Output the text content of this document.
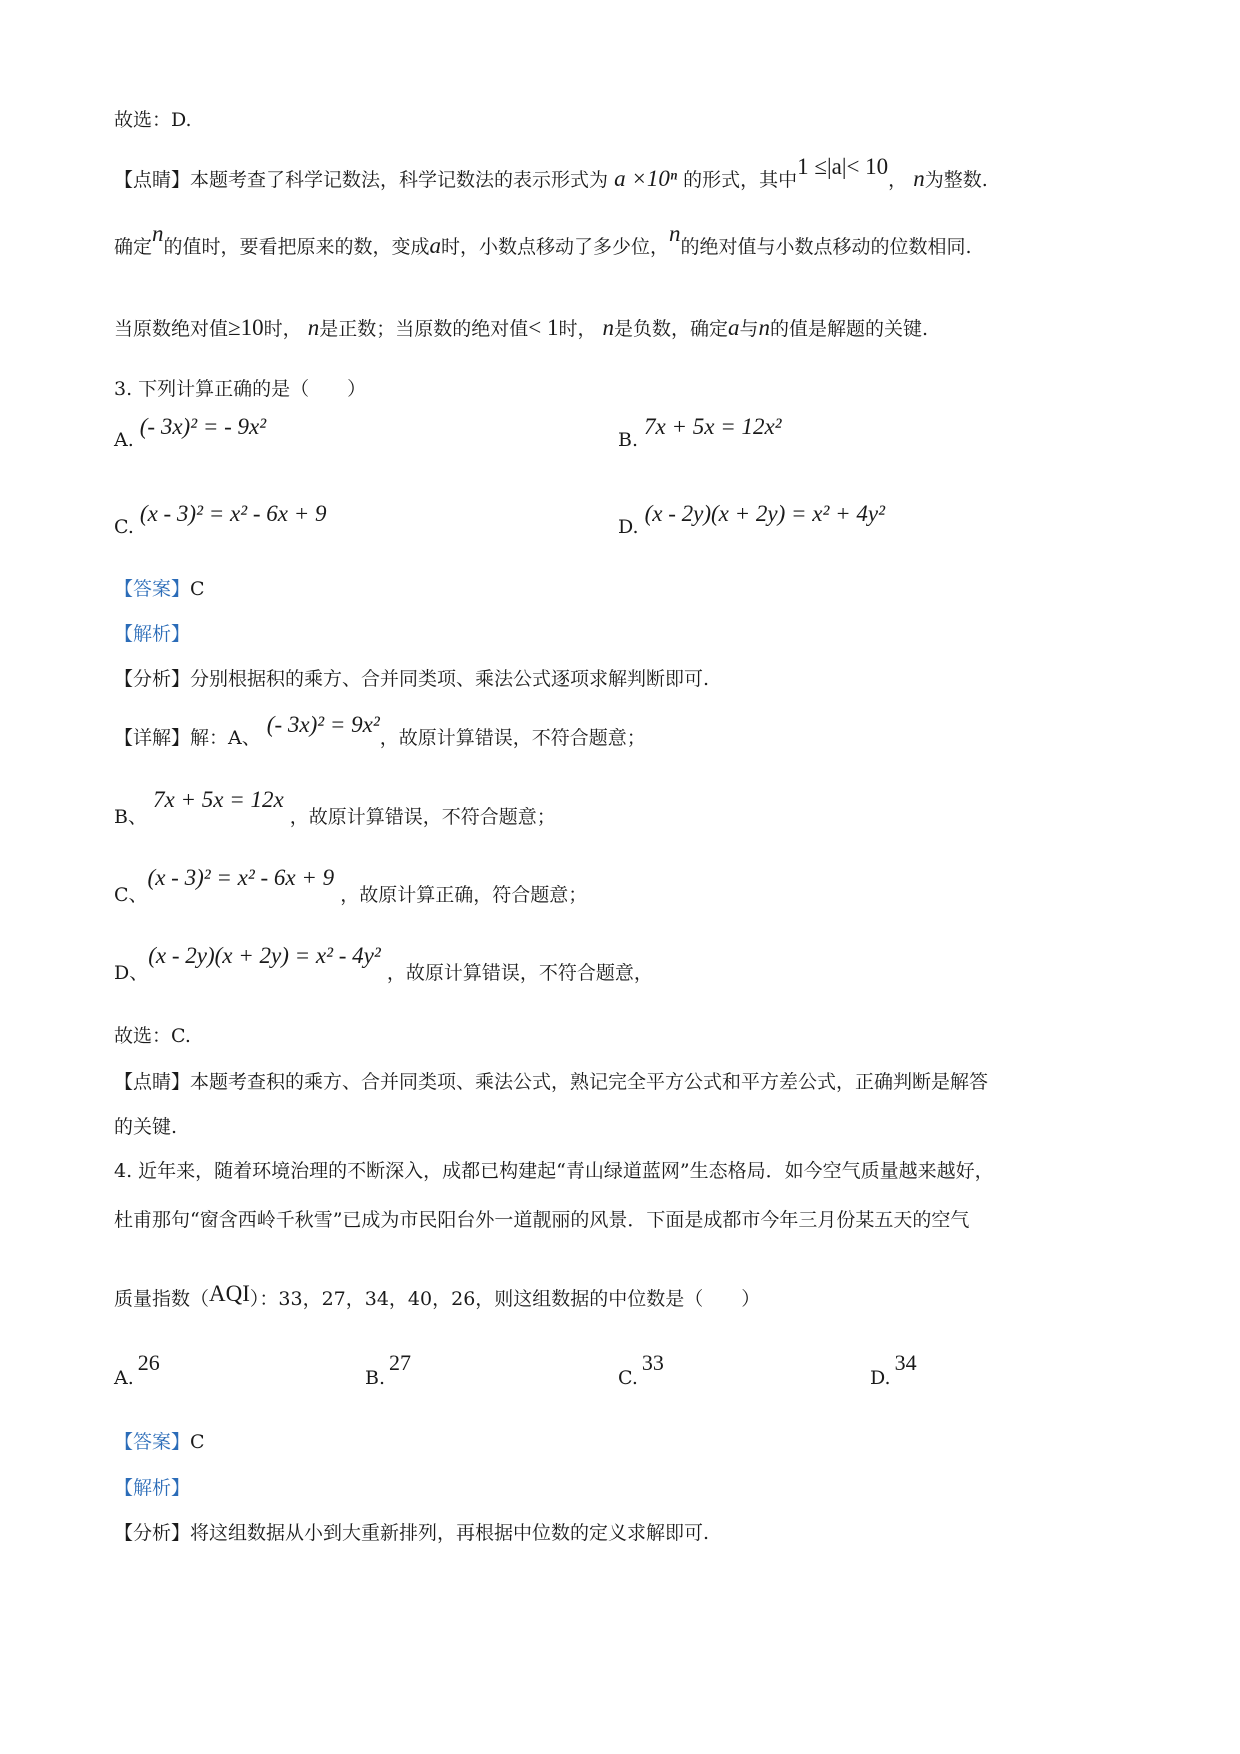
故选：D.
【点睛】本题考查了科学记数法，科学记数法的表示形式为 a ×10ⁿ 的形式，其中1 ≤|a|< 10， n为整数.
确定n的值时，要看把原来的数，变成a时，小数点移动了多少位，n的绝对值与小数点移动的位数相同.
当原数绝对值≥10时， n是正数；当原数的绝对值< 1时， n是负数，确定a与n的值是解题的关键.
3. 下列计算正确的是（　　）
A.(- 3x)² = - 9x²
B.7x + 5x = 12x²
C.(x - 3)² = x² - 6x + 9
D.(x - 2y)(x + 2y) = x² + 4y²
【答案】C
【解析】
【分析】分别根据积的乘方、合并同类项、乘法公式逐项求解判断即可.
【详解】解：A、 (- 3x)² = 9x²，故原计算错误，不符合题意；
B、 7x + 5x = 12x ，故原计算错误，不符合题意；
C、(x - 3)² = x² - 6x + 9 ，故原计算正确，符合题意；
D、(x - 2y)(x + 2y) = x² - 4y² ，故原计算错误，不符合题意，
故选：C.
【点睛】本题考查积的乘方、合并同类项、乘法公式，熟记完全平方公式和平方差公式，正确判断是解答
的关键.
4. 近年来，随着环境治理的不断深入，成都已构建起“青山绿道蓝网”生态格局．如今空气质量越来越好，
杜甫那句“窗含西岭千秋雪”已成为市民阳台外一道靓丽的风景．下面是成都市今年三月份某五天的空气
质量指数（AQI）：33，27，34，40，26，则这组数据的中位数是（　　）
A.26
B.27
C.33
D.34
【答案】C
【解析】
【分析】将这组数据从小到大重新排列，再根据中位数的定义求解即可.
